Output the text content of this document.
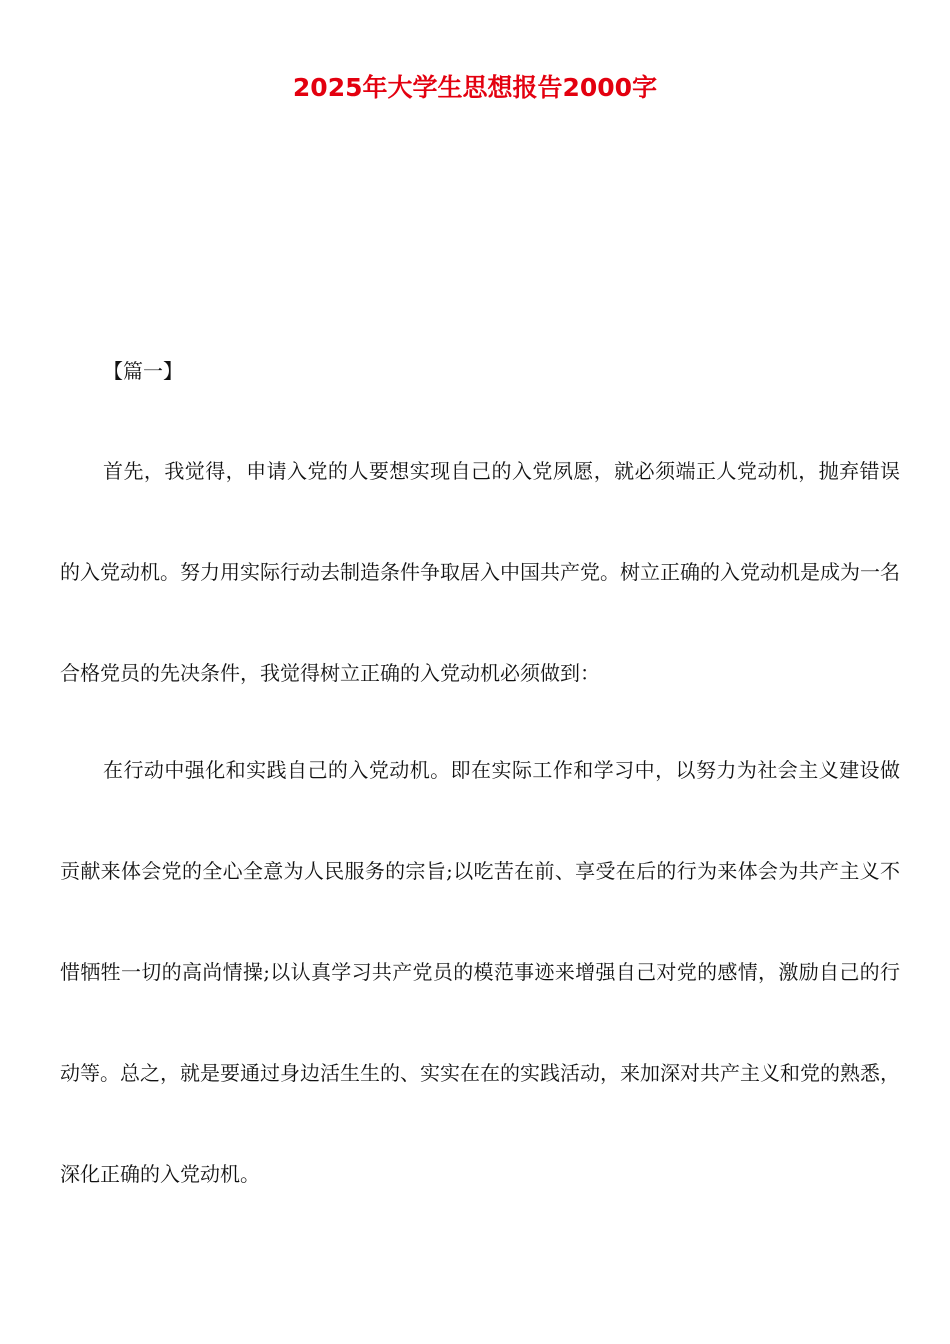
2025年大学生思想报告2000字

【篇一】

首先，我觉得，申请入党的人要想实现自己的入党夙愿，就必须端正人党动机，抛弃错误的入党动机。努力用实际行动去制造条件争取居入中国共产党。树立正确的入党动机是成为一名合格党员的先决条件，我觉得树立正确的入党动机必须做到：

在行动中强化和实践自己的入党动机。即在实际工作和学习中，以努力为社会主义建设做贡献来体会党的全心全意为人民服务的宗旨;以吃苦在前、享受在后的行为来体会为共产主义不惜牺牲一切的高尚情操;以认真学习共产党员的模范事迹来增强自己对党的感情，激励自己的行动等。总之，就是要通过身边活生生的、实实在在的实践活动，来加深对共产主义和党的熟悉，深化正确的入党动机。
